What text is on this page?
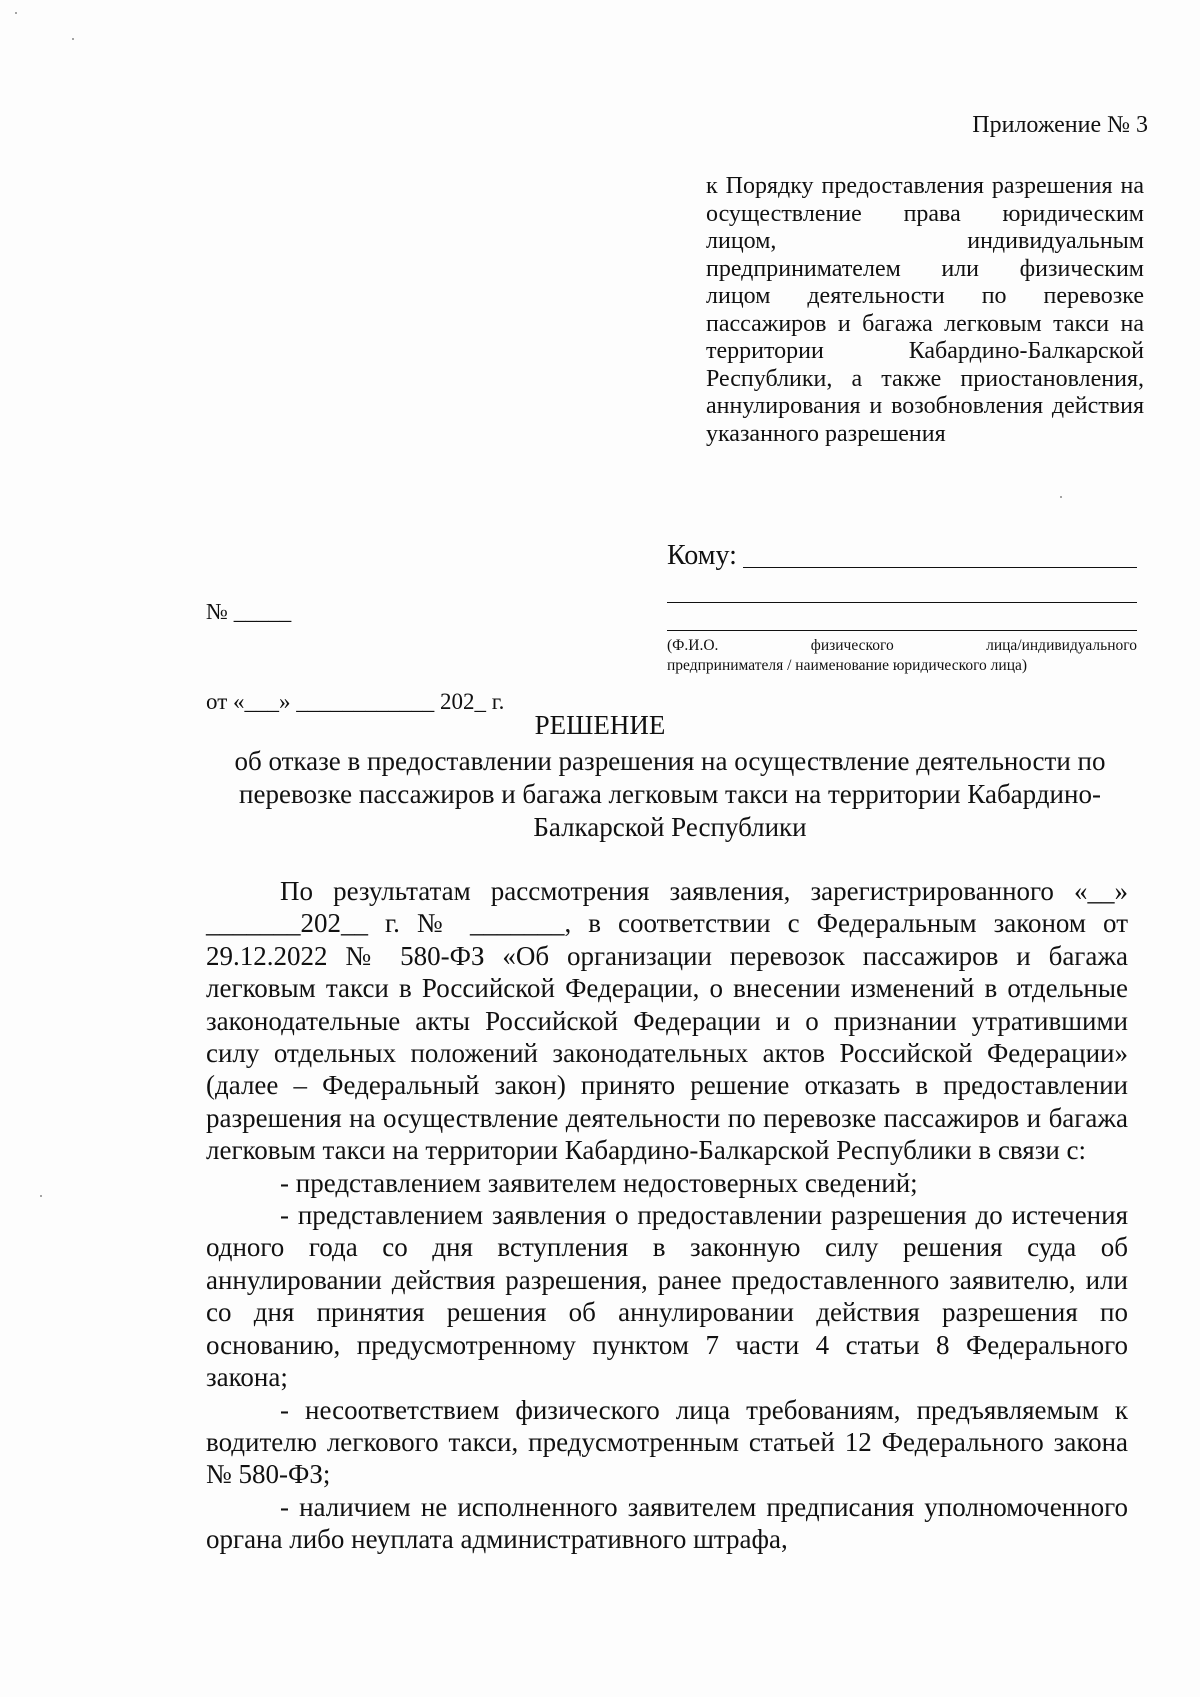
Приложение № 3
к Порядку предоставления разрешения на осуществление права юридическим лицом, индивидуальным предпринимателем или физическим лицом деятельности по перевозке пассажиров и багажа легковым такси на территории Кабардино-Балкарской Республики, а также приостановления, аннулирования и возобновления действия указанного разрешения

№ _____

от «___» ____________ 202_ г.

Кому:
(Ф.И.О. физического лица/индивидуального
предпринимателя / наименование юридического лица)
РЕШЕНИЕ
об отказе в предоставлении разрешения на осуществление деятельности по перевозке пассажиров и багажа легковым такси на территории Кабардино-Балкарской Республики

По результатам рассмотрения заявления, зарегистрированного «__» _______202__ г. № _______, в соответствии с Федеральным законом от 29.12.2022 № 580-ФЗ «Об организации перевозок пассажиров и багажа легковым такси в Российской Федерации, о внесении изменений в отдельные законодательные акты Российской Федерации и о признании утратившими силу отдельных положений законодательных актов Российской Федерации» (далее – Федеральный закон) принято решение отказать в предоставлении разрешения на осуществление деятельности по перевозке пассажиров и багажа легковым такси на территории Кабардино-Балкарской Республики в связи с:

- представлением заявителем недостоверных сведений;

- представлением заявления о предоставлении разрешения до истечения одного года со дня вступления в законную силу решения суда об аннулировании действия разрешения, ранее предоставленного заявителю, или со дня принятия решения об аннулировании действия разрешения по основанию, предусмотренному пунктом 7 части 4 статьи 8 Федерального закона;

- несоответствием физического лица требованиям, предъявляемым к водителю легкового такси, предусмотренным статьей 12 Федерального закона № 580-ФЗ;

- наличием не исполненного заявителем предписания уполномоченного органа либо неуплата административного штрафа,
